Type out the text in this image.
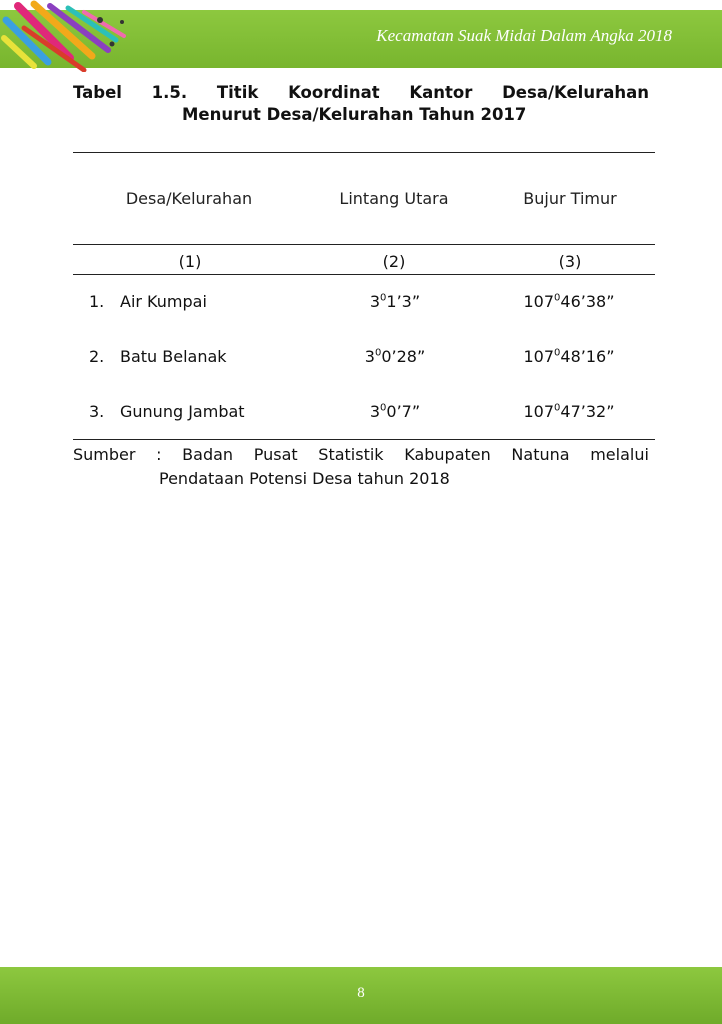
Kecamatan Suak Midai Dalam Angka 2018
Tabel 1.5. Titik Koordinat Kantor Desa/Kelurahan
Menurut Desa/Kelurahan Tahun 2017
Desa/Kelurahan	Lintang Utara	Bujur Timur
(1)	(2)	(3)
1. Air Kumpai	$3^01’3$”	$107^046’38$”
2. Batu Belanak	$3^00’28$”	$107^048’16$”
3. Gunung Jambat	$3^00’7$”	$107^047’32$”
Sumber : Badan Pusat Statistik Kabupaten Natuna melalui
Pendataan Potensi Desa tahun 2018
8
